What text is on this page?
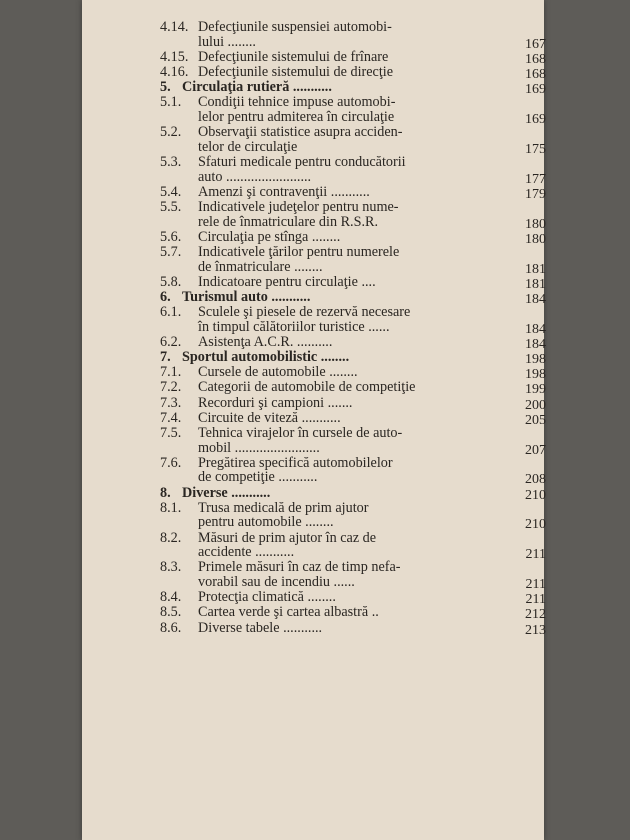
4.14. Defecţiunile suspensiei automobi-
lului ........	167
4.15. Defecţiunile sistemului de frînare	168
4.16. Defecţiunile sistemului de direcţie	168
5. Circulaţia rutieră ...........	169
5.1. Condiţii tehnice impuse automobi-
lelor pentru admiterea în circulaţie	169
5.2. Observaţii statistice asupra acciden-
telor de circulaţie	175
5.3. Sfaturi medicale pentru conducătorii
auto ........................	177
5.4. Amenzi şi contravenţii ...........	179
5.5. Indicativele judeţelor pentru nume-
rele de înmatriculare din R.S.R.	180
5.6. Circulaţia pe stînga ........	180
5.7. Indicativele ţărilor pentru numerele
de înmatriculare ........	181
5.8. Indicatoare pentru circulaţie ....	181
6. Turismul auto ...........	184
6.1. Sculele şi piesele de rezervă necesare
în timpul călătoriilor turistice ......	184
6.2. Asistenţa A.C.R. ..........	184
7. Sportul automobilistic ........	198
7.1. Cursele de automobile ........	198
7.2. Categorii de automobile de competiţie	199
7.3. Recorduri şi campioni .......	200
7.4. Circuite de viteză ...........	205
7.5. Tehnica virajelor în cursele de auto-
mobil ........................	207
7.6. Pregătirea specifică automobilelor
de competiţie ...........	208
8. Diverse ...........	210
8.1. Trusa medicală de prim ajutor
pentru automobile ........	210
8.2. Măsuri de prim ajutor în caz de
accidente ...........	211
8.3. Primele măsuri în caz de timp nefa-
vorabil sau de incendiu ......	211
8.4. Protecţia climatică ........	211
8.5. Cartea verde şi cartea albastră ..	212
8.6. Diverse tabele ...........	213
